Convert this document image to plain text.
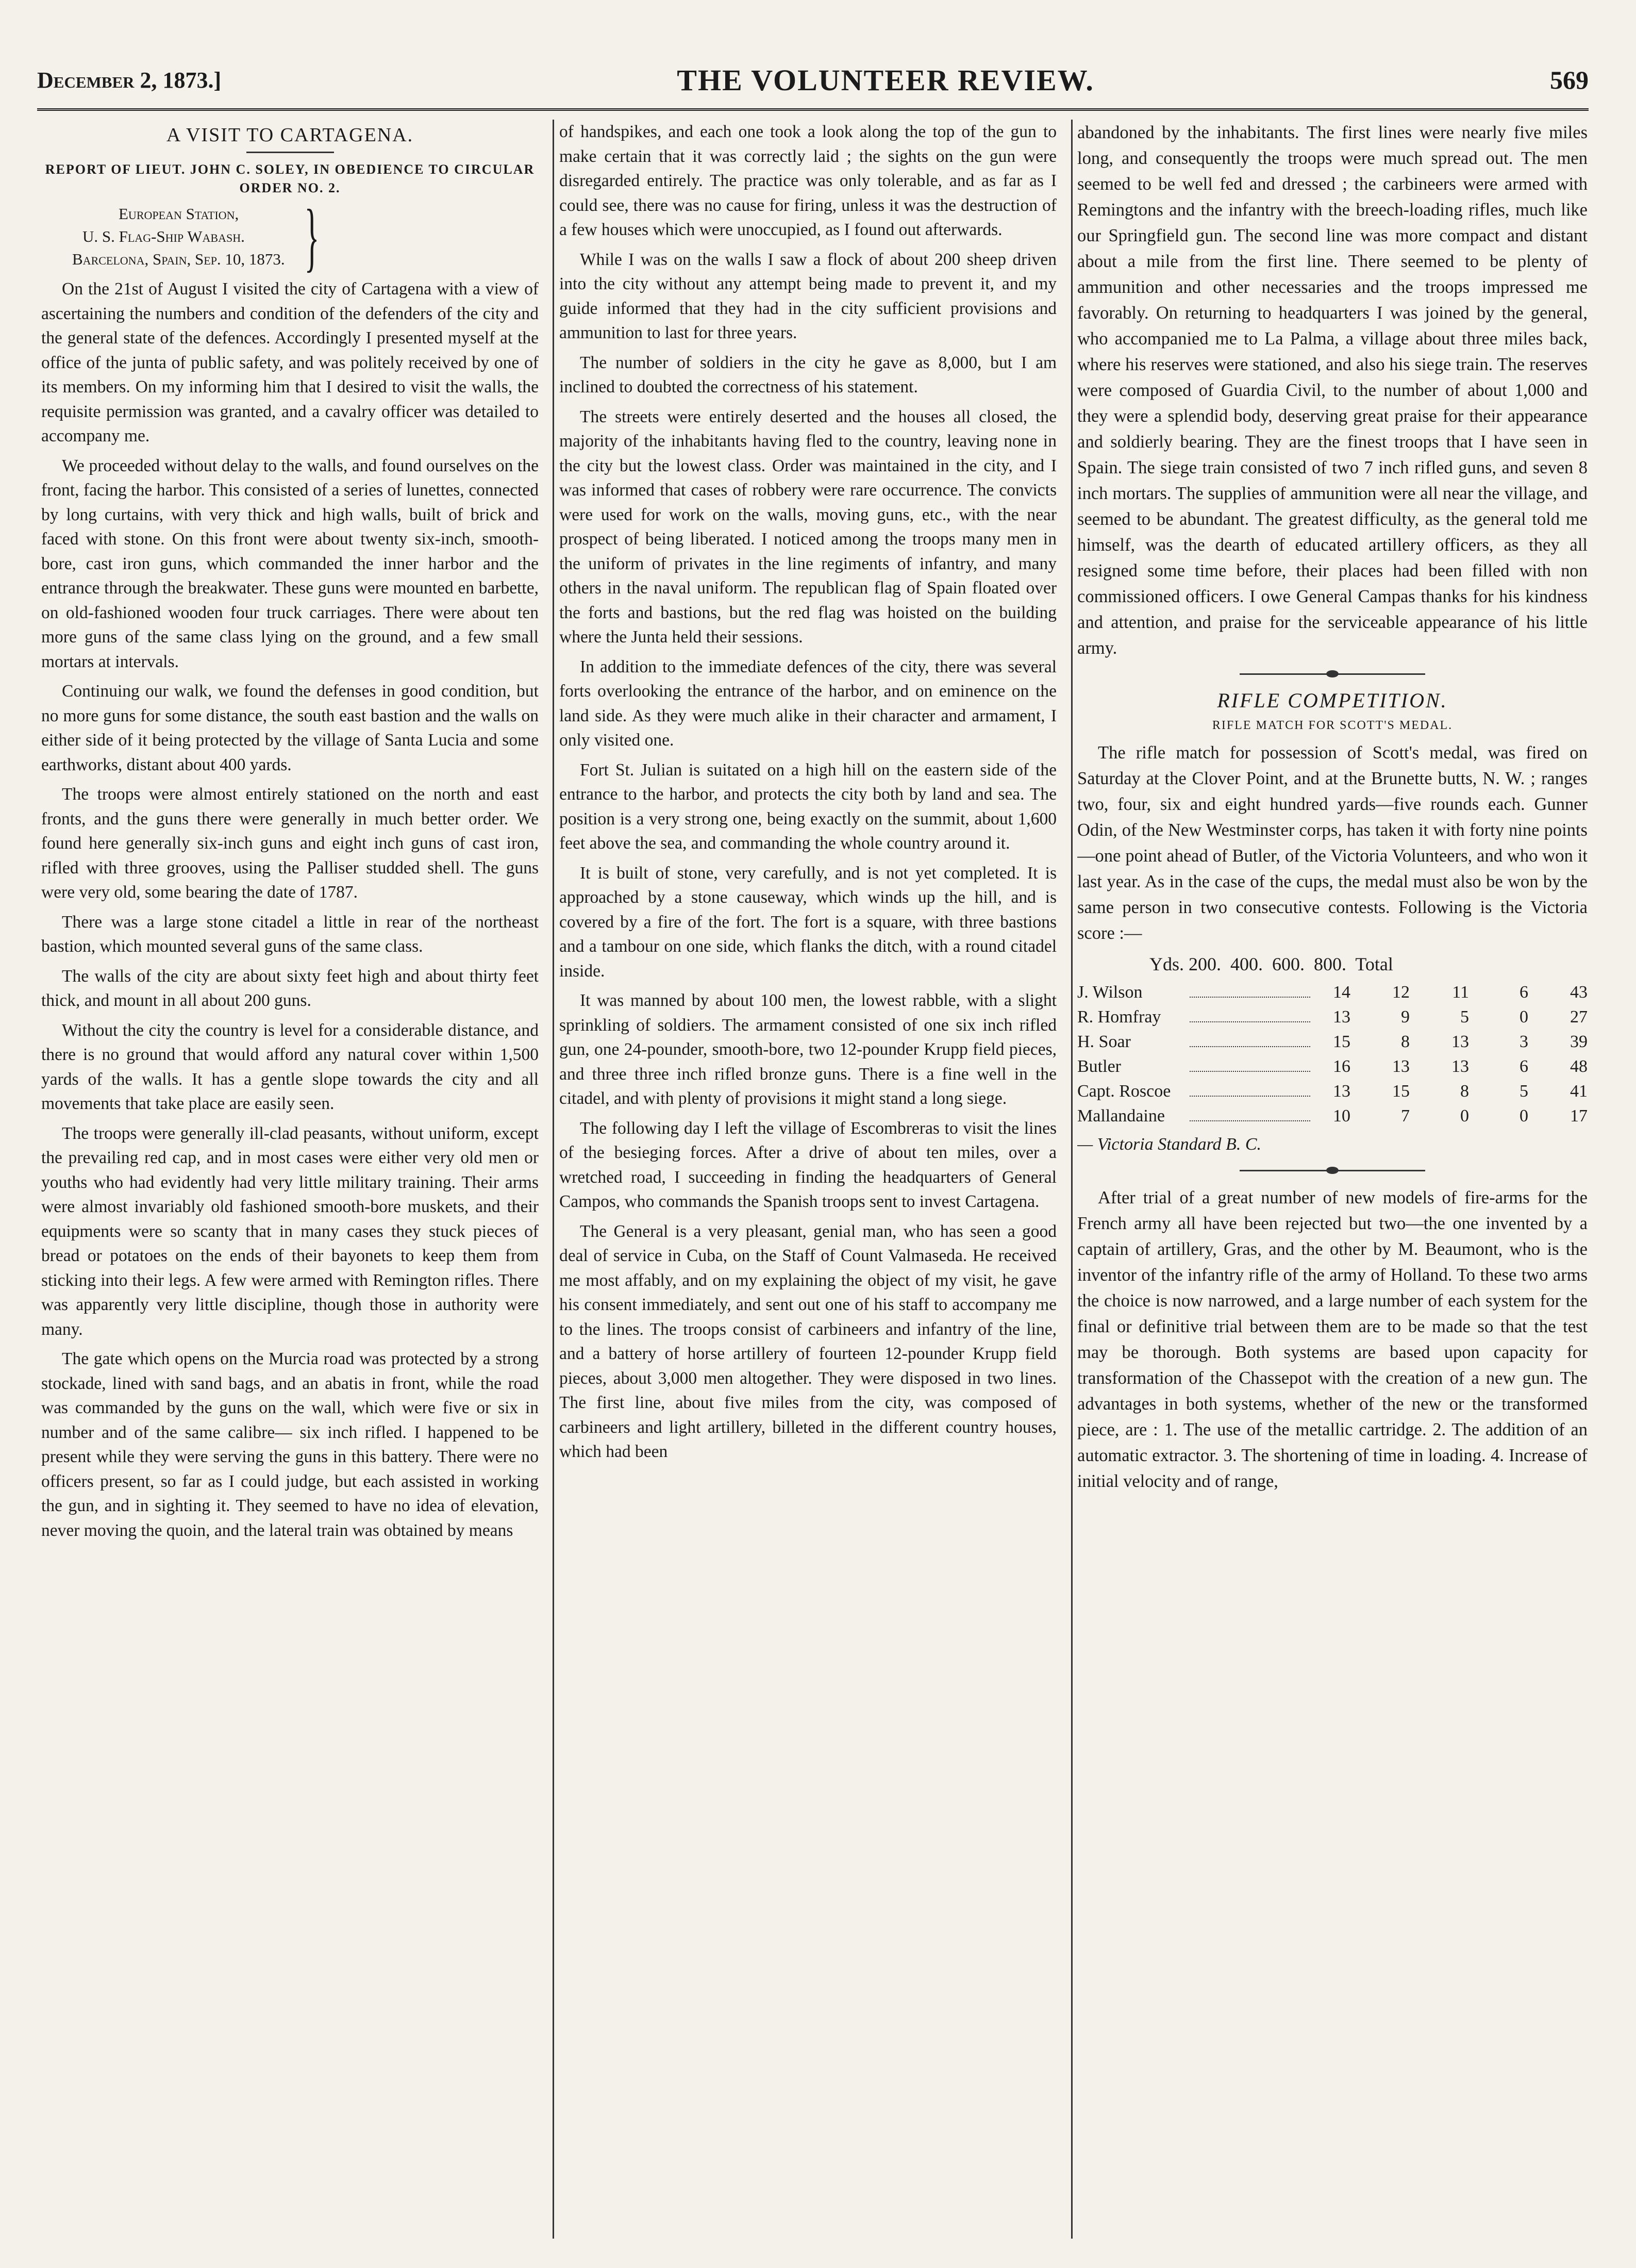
December 2, 1873.]	THE VOLUNTEER REVIEW.	569
A VISIT TO CARTAGENA.
REPORT OF LIEUT. JOHN C. SOLEY, IN OBEDIENCE TO CIRCULAR ORDER NO. 2.
European Station,
U. S. Flag-Ship Wabash.
Barcelona, Spain, Sep. 10, 1873. }

On the 21st of August I visited the city of Cartagena with a view of ascertaining the numbers and condition of the defenders of the city and the general state of the defences. Accordingly I presented myself at the office of the junta of public safety, and was politely received by one of its members. On my informing him that I desired to visit the walls, the requisite permission was granted, and a cavalry officer was detailed to accompany me.

We proceeded without delay to the walls, and found ourselves on the front, facing the harbor. This consisted of a series of lunettes, connected by long curtains, with very thick and high walls, built of brick and faced with stone. On this front were about twenty six-inch, smooth-bore, cast iron guns, which commanded the inner harbor and the entrance through the breakwater. These guns were mounted en barbette, on old-fashioned wooden four truck carriages. There were about ten more guns of the same class lying on the ground, and a few small mortars at intervals.

Continuing our walk, we found the defenses in good condition, but no more guns for some distance, the south east bastion and the walls on either side of it being protected by the village of Santa Lucia and some earthworks, distant about 400 yards.

The troops were almost entirely stationed on the north and east fronts, and the guns there were generally in much better order. We found here generally six-inch guns and eight inch guns of cast iron, rifled with three grooves, using the Palliser studded shell. The guns were very old, some bearing the date of 1787.

There was a large stone citadel a little in rear of the northeast bastion, which mounted several guns of the same class.

The walls of the city are about sixty feet high and about thirty feet thick, and mount in all about 200 guns.

Without the city the country is level for a considerable distance, and there is no ground that would afford any natural cover within 1,500 yards of the walls. It has a gentle slope towards the city and all movements that take place are easily seen.

The troops were generally ill-clad peasants, without uniform, except the prevailing red cap, and in most cases were either very old men or youths who had evidently had very little military training. Their arms were almost invariably old fashioned smooth-bore muskets, and their equipments were so scanty that in many cases they stuck pieces of bread or potatoes on the ends of their bayonets to keep them from sticking into their legs. A few were armed with Remington rifles. There was apparently very little discipline, though those in authority were many.

The gate which opens on the Murcia road was protected by a strong stockade, lined with sand bags, and an abatis in front, while the road was commanded by the guns on the wall, which were five or six in number and of the same calibre— six inch rifled. I happened to be present while they were serving the guns in this battery. There were no officers present, so far as I could judge, but each assisted in working the gun, and in sighting it. They seemed to have no idea of elevation, never moving the quoin, and the lateral train was obtained by means

of handspikes, and each one took a look along the top of the gun to make certain that it was correctly laid ; the sights on the gun were disregarded entirely. The practice was only tolerable, and as far as I could see, there was no cause for firing, unless it was the destruction of a few houses which were unoccupied, as I found out afterwards.

While I was on the walls I saw a flock of about 200 sheep driven into the city without any attempt being made to prevent it, and my guide informed that they had in the city sufficient provisions and ammunition to last for three years.

The number of soldiers in the city he gave as 8,000, but I am inclined to doubted the correctness of his statement.

The streets were entirely deserted and the houses all closed, the majority of the inhabitants having fled to the country, leaving none in the city but the lowest class. Order was maintained in the city, and I was informed that cases of robbery were rare occurrence. The convicts were used for work on the walls, moving guns, etc., with the near prospect of being liberated. I noticed among the troops many men in the uniform of privates in the line regiments of infantry, and many others in the naval uniform. The republican flag of Spain floated over the forts and bastions, but the red flag was hoisted on the building where the Junta held their sessions.

In addition to the immediate defences of the city, there was several forts overlooking the entrance of the harbor, and on eminence on the land side. As they were much alike in their character and armament, I only visited one.

Fort St. Julian is suitated on a high hill on the eastern side of the entrance to the harbor, and protects the city both by land and sea. The position is a very strong one, being exactly on the summit, about 1,600 feet above the sea, and commanding the whole country around it.

It is built of stone, very carefully, and is not yet completed. It is approached by a stone causeway, which winds up the hill, and is covered by a fire of the fort. The fort is a square, with three bastions and a tambour on one side, which flanks the ditch, with a round citadel inside.

It was manned by about 100 men, the lowest rabble, with a slight sprinkling of soldiers. The armament consisted of one six inch rifled gun, one 24-pounder, smooth-bore, two 12-pounder Krupp field pieces, and three three inch rifled bronze guns. There is a fine well in the citadel, and with plenty of provisions it might stand a long siege.

The following day I left the village of Escombreras to visit the lines of the besieging forces. After a drive of about ten miles, over a wretched road, I succeeding in finding the headquarters of General Campos, who commands the Spanish troops sent to invest Cartagena.

The General is a very pleasant, genial man, who has seen a good deal of service in Cuba, on the Staff of Count Valmaseda. He received me most affably, and on my explaining the object of my visit, he gave his consent immediately, and sent out one of his staff to accompany me to the lines. The troops consist of carbineers and infantry of the line, and a battery of horse artillery of fourteen 12-pounder Krupp field pieces, about 3,000 men altogether. They were disposed in two lines. The first line, about five miles from the city, was composed of carbineers and light artillery, billeted in the different country houses, which had been

abandoned by the inhabitants. The first lines were nearly five miles long, and consequently the troops were much spread out. The men seemed to be well fed and dressed ; the carbineers were armed with Remingtons and the infantry with the breech-loading rifles, much like our Springfield gun. The second line was more compact and distant about a mile from the first line. There seemed to be plenty of ammunition and other necessaries and the troops impressed me favorably. On returning to headquarters I was joined by the general, who accompanied me to La Palma, a village about three miles back, where his reserves were stationed, and also his siege train. The reserves were composed of Guardia Civil, to the number of about 1,000 and they were a splendid body, deserving great praise for their appearance and soldierly bearing. They are the finest troops that I have seen in Spain. The siege train consisted of two 7 inch rifled guns, and seven 8 inch mortars. The supplies of ammunition were all near the village, and seemed to be abundant. The greatest difficulty, as the general told me himself, was the dearth of educated artillery officers, as they all resigned some time before, their places had been filled with non commissioned officers. I owe General Campas thanks for his kindness and attention, and praise for the serviceable appearance of his little army.

RIFLE COMPETITION.
RIFLE MATCH FOR SCOTT'S MEDAL.

The rifle match for possession of Scott's medal, was fired on Saturday at the Clover Point, and at the Brunette butts, N. W. ; ranges two, four, six and eight hundred yards—five rounds each. Gunner Odin, of the New Westminster corps, has taken it with forty nine points—one point ahead of Butler, of the Victoria Volunteers, and who won it last year. As in the case of the cups, the medal must also be won by the same person in two consecutive contests. Following is the Victoria score :—

Yds. 200.  400.  600.  800.  Total
J. Wilson	14	12	11	6	43
R. Homfray	13	9	5	0	27
H. Soar	15	8	13	3	39
Butler	16	13	13	6	48
Capt. Roscoe	13	15	8	5	41
Mallandaine	10	7	0	0	17
— Victoria Standard B. C.

After trial of a great number of new models of fire-arms for the French army all have been rejected but two—the one invented by a captain of artillery, Gras, and the other by M. Beaumont, who is the inventor of the infantry rifle of the army of Holland. To these two arms the choice is now narrowed, and a large number of each system for the final or definitive trial between them are to be made so that the test may be thorough. Both systems are based upon capacity for transformation of the Chassepot with the creation of a new gun. The advantages in both systems, whether of the new or the transformed piece, are : 1. The use of the metallic cartridge. 2. The addition of an automatic extractor. 3. The shortening of time in loading. 4. Increase of initial velocity and of range,
